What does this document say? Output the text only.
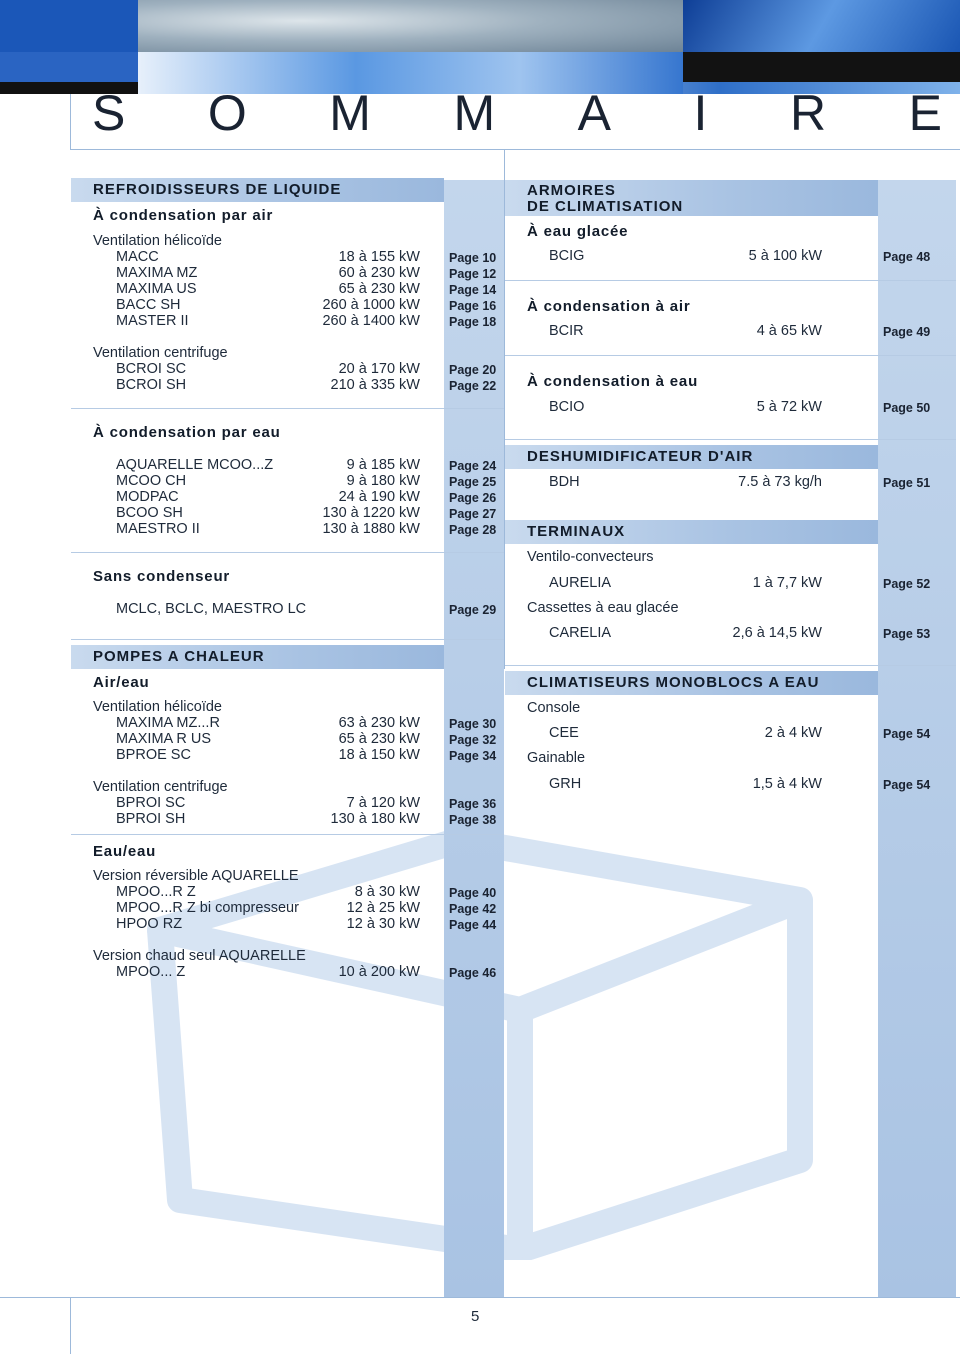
S O M M A I R E
REFROIDISSEURS DE LIQUIDE
À condensation par air
Ventilation hélicoïde
Ventilation centrifuge
À condensation par eau
Sans condenseur
MCLC, BCLC, MAESTRO LC	Page 29
POMPES A CHALEUR
Air/eau
Ventilation hélicoïde
Ventilation centrifuge
Eau/eau
Version réversible AQUARELLE
Version chaud seul AQUARELLE
ARMOIRES
DE CLIMATISATION
À eau glacée
BCIG	5 à 100 kW	Page 48
À condensation à air
BCIR	4 à 65 kW	Page 49
À condensation à eau
BCIO	5 à 72 kW	Page 50
DESHUMIDIFICATEUR D'AIR
BDH	7.5 à 73 kg/h	Page 51
TERMINAUX
Ventilo-convecteurs
AURELIA	1 à 7,7 kW	Page 52
Cassettes à eau glacée
CARELIA	2,6 à 14,5 kW	Page 53
CLIMATISEURS MONOBLOCS A EAU
Console
CEE	2 à 4 kW	Page 54
Gainable
GRH	1,5 à 4 kW	Page 54
5
MACC	18 à 155 kW Page 10
MAXIMA MZ	60 à 230 kW Page 12
MAXIMA US	65 à 230 kW Page 14
BACC SH	260 à 1000 kW Page 16
MASTER II	260 à 1400 kW Page 18
BCROI SC	20 à 170 kW Page 20
BCROI SH	210 à 335 kW Page 22
AQUARELLE MCOO...Z	9 à 185 kW Page 24
MCOO CH	9 à 180 kW Page 25
MODPAC	24 à 190 kW Page 26
BCOO SH	130 à 1220 kW Page 27
MAESTRO II	130 à 1880 kW Page 28
MAXIMA MZ...R	63 à 230 kW Page 30
MAXIMA R US	65 à 230 kW Page 32
BPROE SC	18 à 150 kW Page 34
BPROI SC	7 à 120 kW Page 36
BPROI SH	130 à 180 kW Page 38
MPOO...R Z	8 à 30 kW Page 40
MPOO...R Z bi compresseur	12 à 25 kW Page 42
HPOO RZ	12 à 30 kW Page 44
MPOO... Z	10 à 200 kW Page 46
